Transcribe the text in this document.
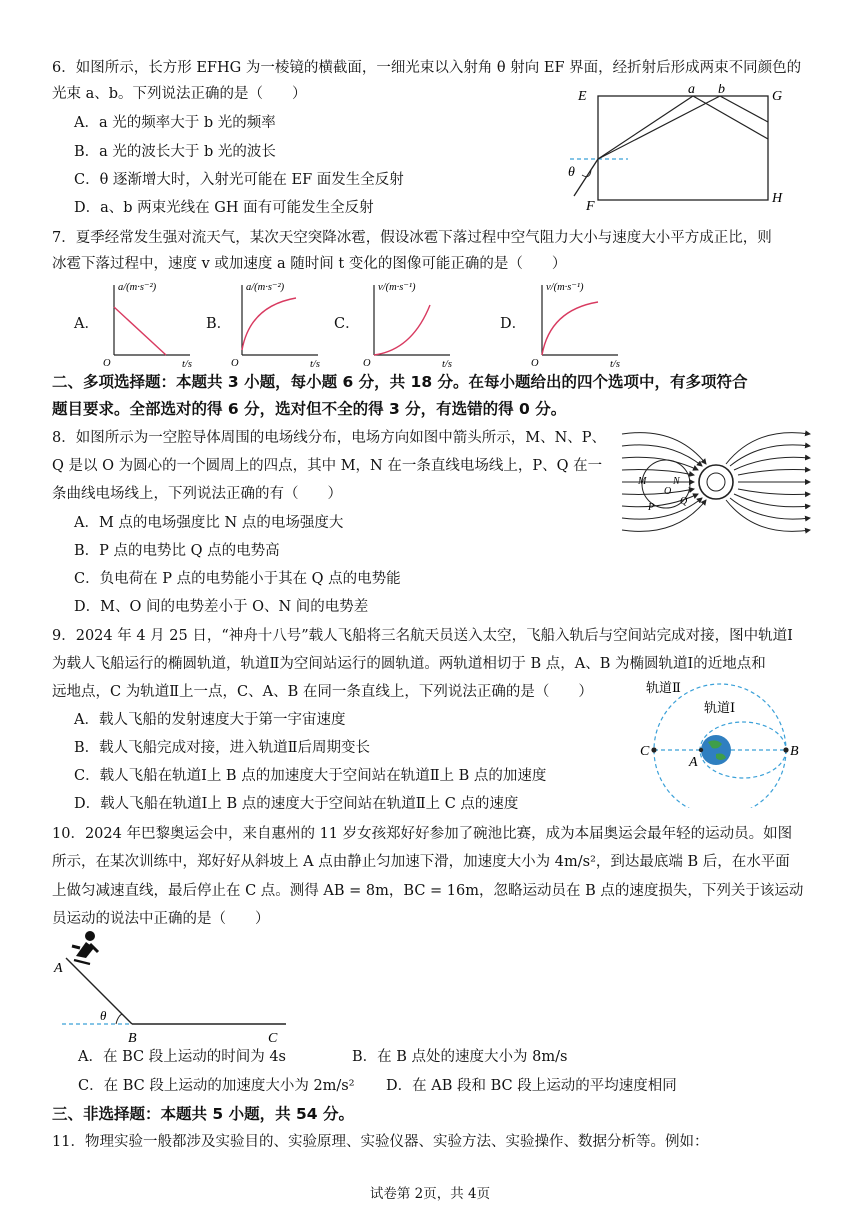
6．如图所示，长方形 EFHG 为一棱镜的横截面，一细光束以入射角 θ 射向 EF 界面，经折射后形成两束不同颜色的
光束 a、b。下列说法正确的是（　　）
A．a 光的频率大于 b 光的频率
B．a 光的波长大于 b 光的波长
C．θ 逐渐增大时，入射光可能在 EF 面发生全反射
D．a、b 两束光线在 GH 面有可能发生全反射
E
F
G
H
a b
θ
7．夏季经常发生强对流天气，某次天空突降冰雹，假设冰雹下落过程中空气阻力大小与速度大小平方成正比，则
冰雹下落过程中，速度 v 或加速度 a 随时间 t 变化的图像可能正确的是（　　）
A．
a/(m·s⁻²)
t/s
O
B．
a/(m·s⁻²)
t/s
O
C．
v/(m·s⁻¹)
t/s
O
D．
v/(m·s⁻¹)
t/s
O
二、多项选择题：本题共 3 小题，每小题 6 分，共 18 分。在每小题给出的四个选项中，有多项符合
题目要求。全部选对的得 6 分，选对但不全的得 3 分，有选错的得 0 分。
8．如图所示为一空腔导体周围的电场线分布，电场方向如图中箭头所示，M、N、P、
Q 是以 O 为圆心的一个圆周上的四点，其中 M，N 在一条直线电场线上，P、Q 在一
条曲线电场线上，下列说法正确的有（　　）
A．M 点的电场强度比 N 点的电场强度大
B．P 点的电势比 Q 点的电势高
C．负电荷在 P 点的电势能小于其在 Q 点的电势能
D．M、O 间的电势差小于 O、N 间的电势差
M	N
O
P
Q
9．2024 年 4 月 25 日，“神舟十八号”载人飞船将三名航天员送入太空，飞船入轨后与空间站完成对接，图中轨道Ⅰ
为载人飞船运行的椭圆轨道，轨道Ⅱ为空间站运行的圆轨道。两轨道相切于 B 点，A、B 为椭圆轨道Ⅰ的近地点和
远地点，C 为轨道Ⅱ上一点，C、A、B 在同一条直线上，下列说法正确的是（　　）
A．载人飞船的发射速度大于第一宇宙速度
B．载人飞船完成对接，进入轨道Ⅱ后周期变长
C．载人飞船在轨道Ⅰ上 B 点的加速度大于空间站在轨道Ⅱ上 B 点的加速度
D．载人飞船在轨道Ⅰ上 B 点的速度大于空间站在轨道Ⅱ上 C 点的速度
轨道Ⅱ
轨道Ⅰ
C
A
B
10．2024 年巴黎奥运会中，来自惠州的 11 岁女孩郑好好参加了碗池比赛，成为本届奥运会最年轻的运动员。如图
所示，在某次训练中，郑好好从斜坡上 A 点由静止匀加速下滑，加速度大小为 4m/s²，到达最底端 B 后，在水平面
上做匀减速直线，最后停止在 C 点。测得 AB = 8m，BC = 16m，忽略运动员在 B 点的速度损失，下列关于该运动
员运动的说法中正确的是（　　）
A
B	C
θ
A．在 BC 段上运动的时间为 4s	B．在 B 点处的速度大小为 8m/s
C．在 BC 段上运动的加速度大小为 2m/s² D．在 AB 段和 BC 段上运动的平均速度相同
三、非选择题：本题共 5 小题，共 54 分。
11．物理实验一般都涉及实验目的、实验原理、实验仪器、实验方法、实验操作、数据分析等。例如：
试卷第 2页，共 4页
